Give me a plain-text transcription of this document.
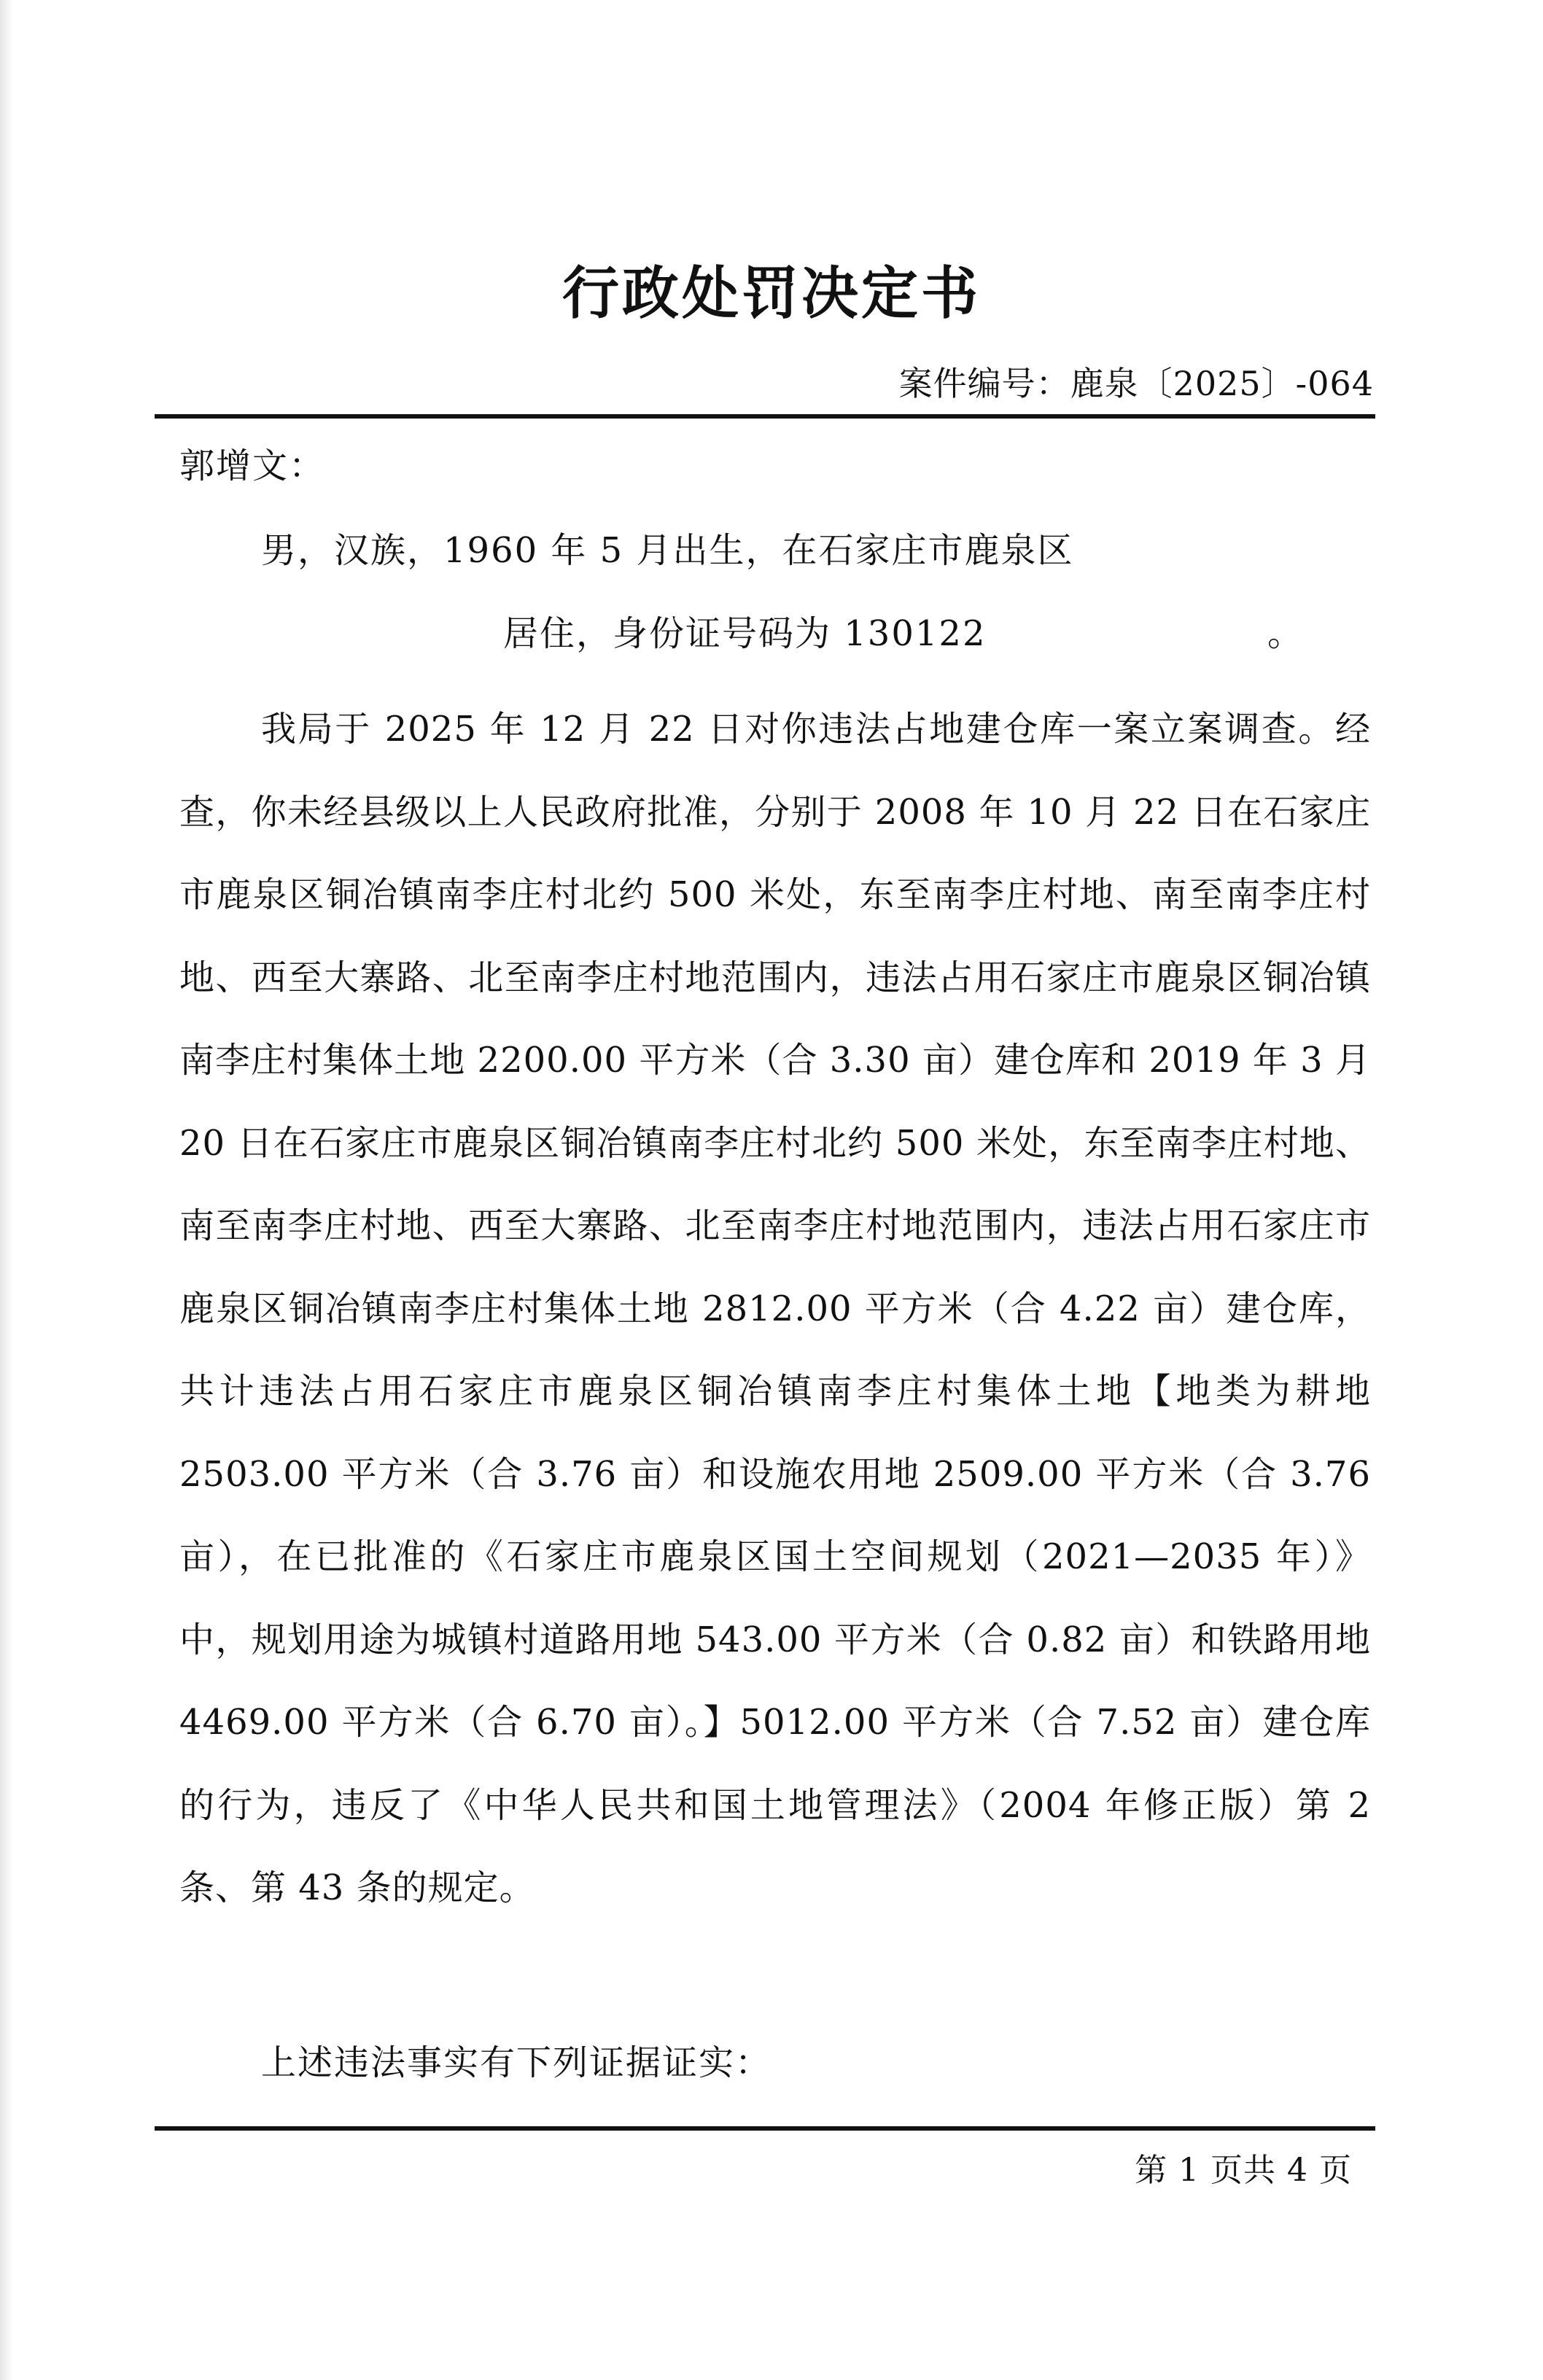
行政处罚决定书
案件编号：鹿泉〔2025〕-064
郭增文：
男，汉族，1960 年 5 月出生，在石家庄市鹿泉区
居住，身份证号码为 130122	。

我局于 2025 年 12 月 22 日对你违法占地建仓库一案立案调查。经查，你未经县级以上人民政府批准，分别于 2008 年 10 月 22 日在石家庄市鹿泉区铜冶镇南李庄村北约 500 米处，东至南李庄村地、南至南李庄村地、西至大寨路、北至南李庄村地范围内，违法占用石家庄市鹿泉区铜冶镇南李庄村集体土地 2200.00 平方米（合 3.30 亩）建仓库和 2019 年 3 月 20 日在石家庄市鹿泉区铜冶镇南李庄村北约 500 米处，东至南李庄村地、南至南李庄村地、西至大寨路、北至南李庄村地范围内，违法占用石家庄市鹿泉区铜冶镇南李庄村集体土地 2812.00 平方米（合 4.22 亩）建仓库，共计违法占用石家庄市鹿泉区铜冶镇南李庄村集体土地【地类为耕地 2503.00 平方米（合 3.76 亩）和设施农用地 2509.00 平方米（合 3.76 亩），在已批准的《石家庄市鹿泉区国土空间规划（2021—2035 年）》中，规划用途为城镇村道路用地 543.00 平方米（合 0.82 亩）和铁路用地 4469.00 平方米（合 6.70 亩）。】5012.00 平方米（合 7.52 亩）建仓库的行为，违反了《中华人民共和国土地管理法》（2004 年修正版）第 2 条、第 43 条的规定。

上述违法事实有下列证据证实：
第 1 页共 4 页
